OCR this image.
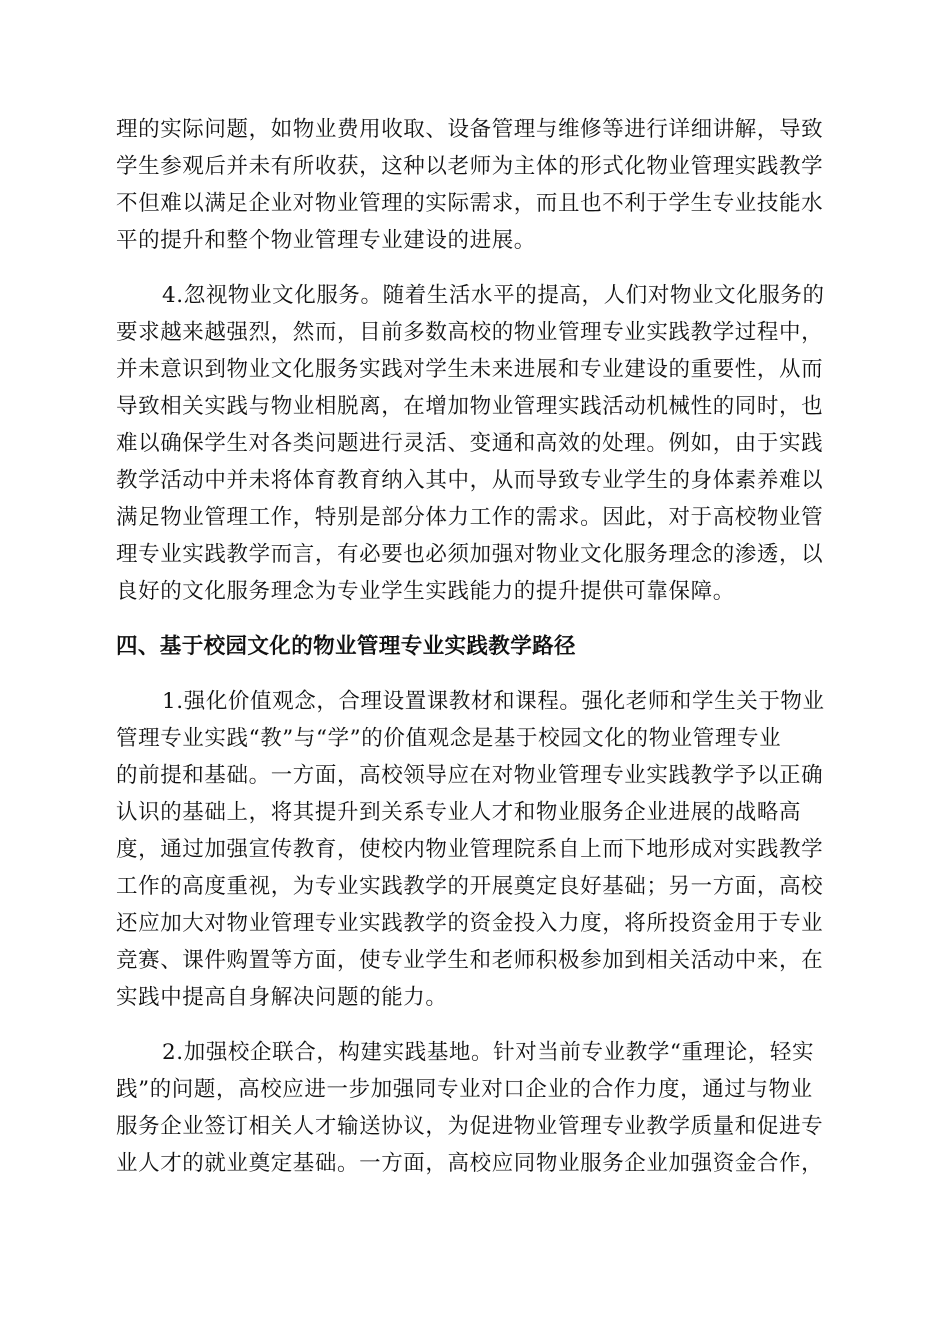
理的实际问题，如物业费用收取、设备管理与维修等进行详细讲解，导致
学生参观后并未有所收获，这种以老师为主体的形式化物业管理实践教学
不但难以满足企业对物业管理的实际需求，而且也不利于学生专业技能水
平的提升和整个物业管理专业建设的进展。
4.忽视物业文化服务。随着生活水平的提高，人们对物业文化服务的
要求越来越强烈，然而，目前多数高校的物业管理专业实践教学过程中，
并未意识到物业文化服务实践对学生未来进展和专业建设的重要性，从而
导致相关实践与物业相脱离，在增加物业管理实践活动机械性的同时，也
难以确保学生对各类问题进行灵活、变通和高效的处理。例如，由于实践
教学活动中并未将体育教育纳入其中，从而导致专业学生的身体素养难以
满足物业管理工作，特别是部分体力工作的需求。因此，对于高校物业管
理专业实践教学而言，有必要也必须加强对物业文化服务理念的渗透，以
良好的文化服务理念为专业学生实践能力的提升提供可靠保障。
四、基于校园文化的物业管理专业实践教学路径
1.强化价值观念，合理设置课教材和课程。强化老师和学生关于物业
管理专业实践“教”与“学”的价值观念是基于校园文化的物业管理专业
的前提和基础。一方面，高校领导应在对物业管理专业实践教学予以正确
认识的基础上，将其提升到关系专业人才和物业服务企业进展的战略高
度，通过加强宣传教育，使校内物业管理院系自上而下地形成对实践教学
工作的高度重视，为专业实践教学的开展奠定良好基础；另一方面，高校
还应加大对物业管理专业实践教学的资金投入力度，将所投资金用于专业
竞赛、课件购置等方面，使专业学生和老师积极参加到相关活动中来，在
实践中提高自身解决问题的能力。
2.加强校企联合，构建实践基地。针对当前专业教学“重理论，轻实
践”的问题，高校应进一步加强同专业对口企业的合作力度，通过与物业
服务企业签订相关人才输送协议，为促进物业管理专业教学质量和促进专
业人才的就业奠定基础。一方面，高校应同物业服务企业加强资金合作，
